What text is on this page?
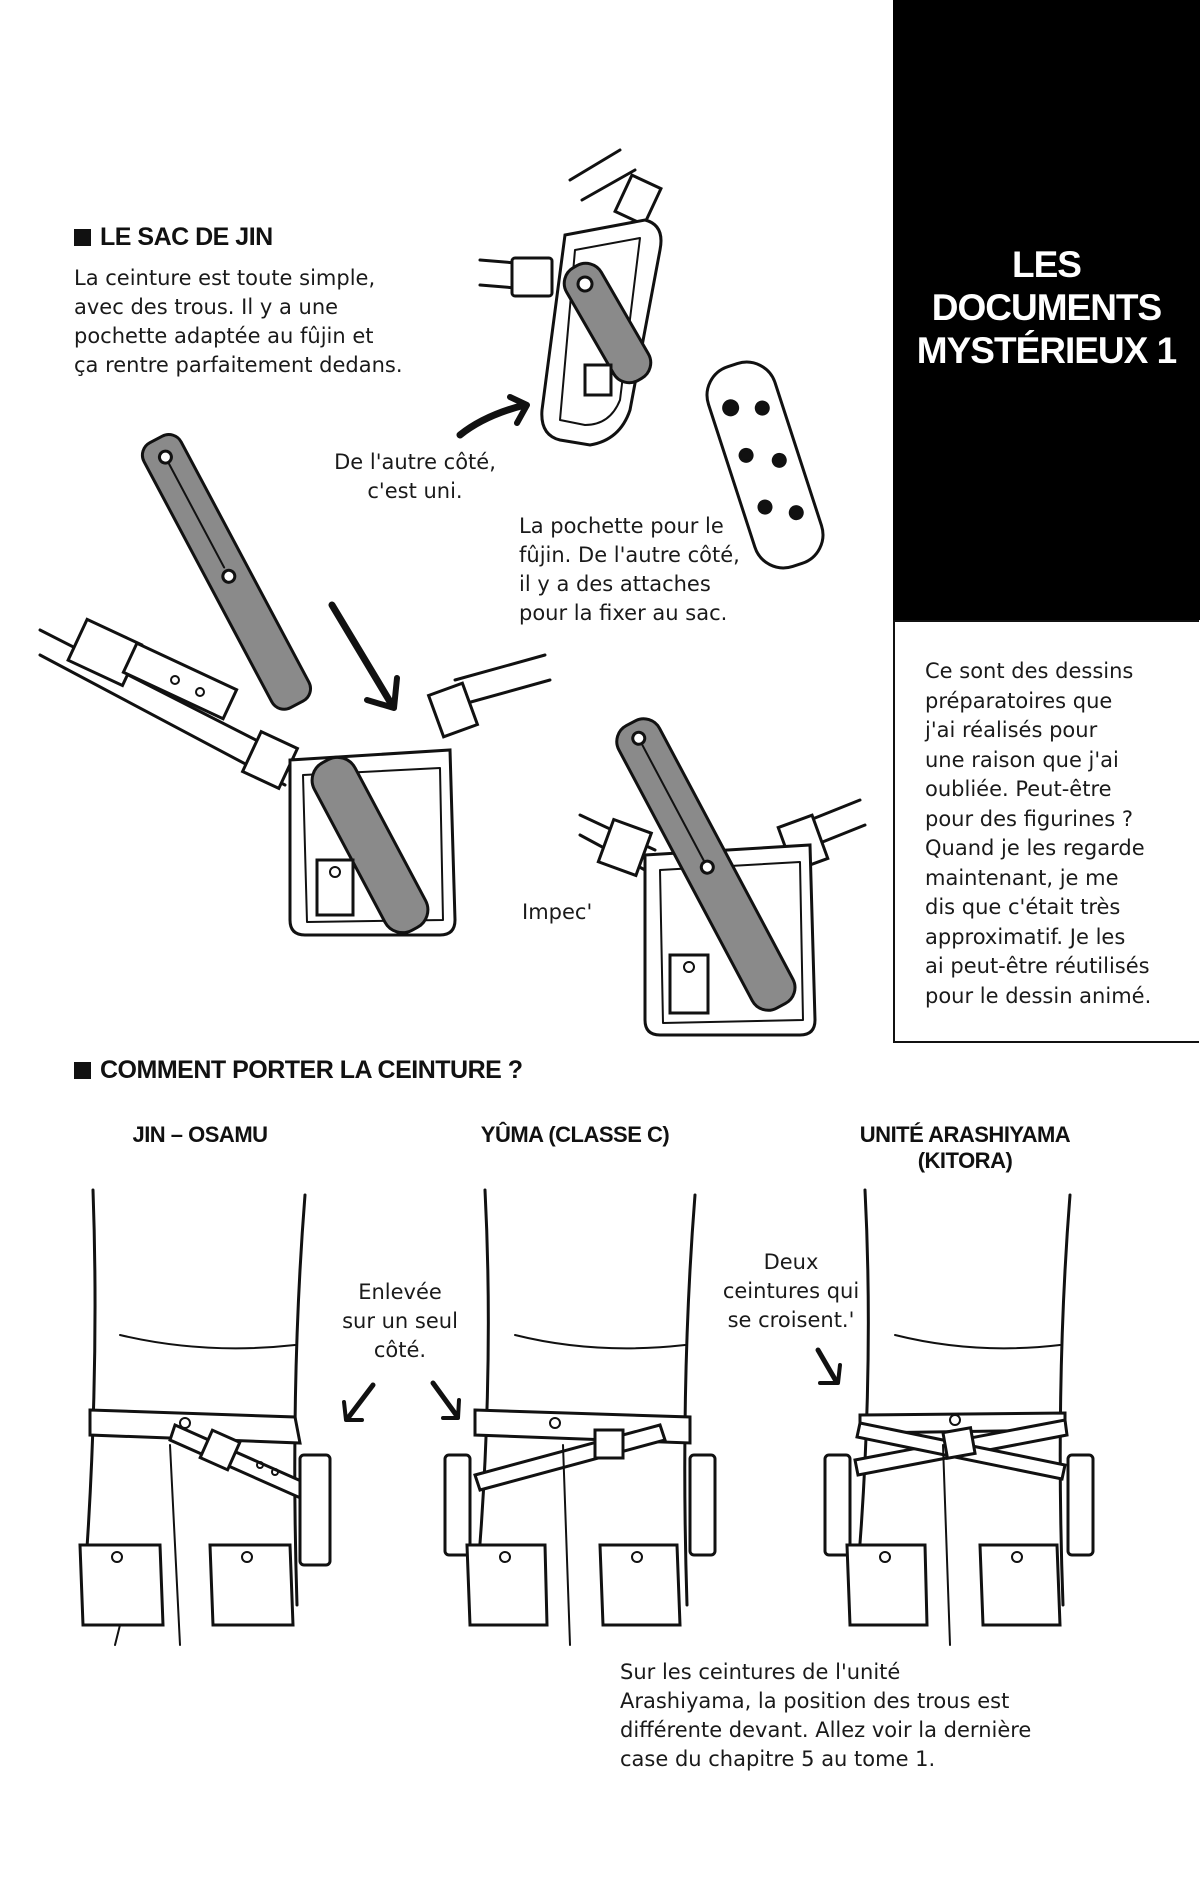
LES
DOCUMENTS
MYSTÉRIEUX 1
Ce sont des dessins
préparatoires que
j'ai réalisés pour
une raison que j'ai
oubliée. Peut-être
pour des figurines ?
Quand je les regarde
maintenant, je me
dis que c'était très
approximatif. Je les
ai peut-être réutilisés
pour le dessin animé.
LE SAC DE JIN
La ceinture est toute simple,
avec des trous. Il y a une
pochette adaptée au fûjin et
ça rentre parfaitement dedans.
De l'autre côté,
c'est uni.
La pochette pour le
fûjin. De l'autre côté,
il y a des attaches
pour la fixer au sac.
Impec'
COMMENT PORTER LA CEINTURE ?
JIN – OSAMU	YÛMA (CLASSE C)	UNITÉ ARASHIYAMA
(KITORA)
Enlevée
sur un seul
côté.
Deux
ceintures qui
se croisent.'
Sur les ceintures de l'unité
Arashiyama, la position des trous est
différente devant. Allez voir la dernière
case du chapitre 5 au tome 1.
